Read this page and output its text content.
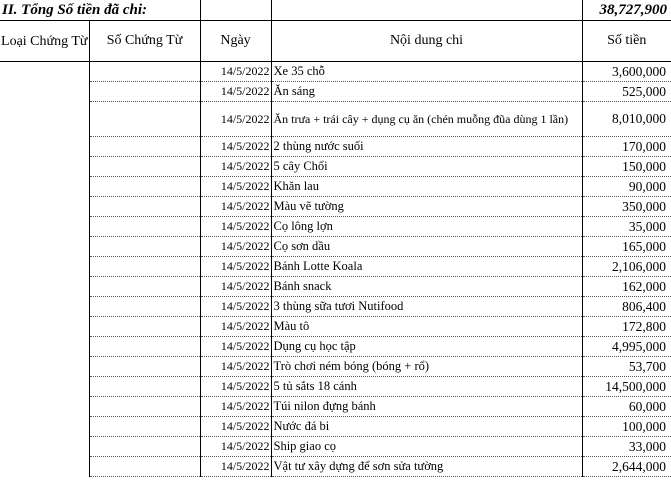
II. Tổng Số tiền đã chi:				38,727,900
Loại Chứng Từ	Số Chứng Từ	Ngày	Nội dung chi	Số tiền
		14/5/2022	Xe 35 chỗ	3,600,000
		14/5/2022	Ăn sáng	525,000
		14/5/2022	Ăn trưa + trái cây + dụng cụ ăn (chén muỗng đũa dùng 1 lần)	8,010,000
		14/5/2022	2 thùng nước suối	170,000
		14/5/2022	5 cây Chổi	150,000
		14/5/2022	Khăn lau	90,000
		14/5/2022	Màu vẽ tường	350,000
		14/5/2022	Cọ lông lợn	35,000
		14/5/2022	Cọ sơn dầu	165,000
		14/5/2022	Bánh Lotte Koala	2,106,000
		14/5/2022	Bánh snack	162,000
		14/5/2022	3 thùng sữa tươi Nutifood	806,400
		14/5/2022	Màu tô	172,800
		14/5/2022	Dụng cụ học tập	4,995,000
		14/5/2022	Trò chơi ném bóng (bóng + rổ)	53,700
		14/5/2022	5 tủ sắts 18 cánh	14,500,000
		14/5/2022	Túi nilon đựng bánh	60,000
		14/5/2022	Nước đá bi	100,000
		14/5/2022	Ship giao cọ	33,000
		14/5/2022	Vật tư xây dựng để sơn sửa tường	2,644,000
